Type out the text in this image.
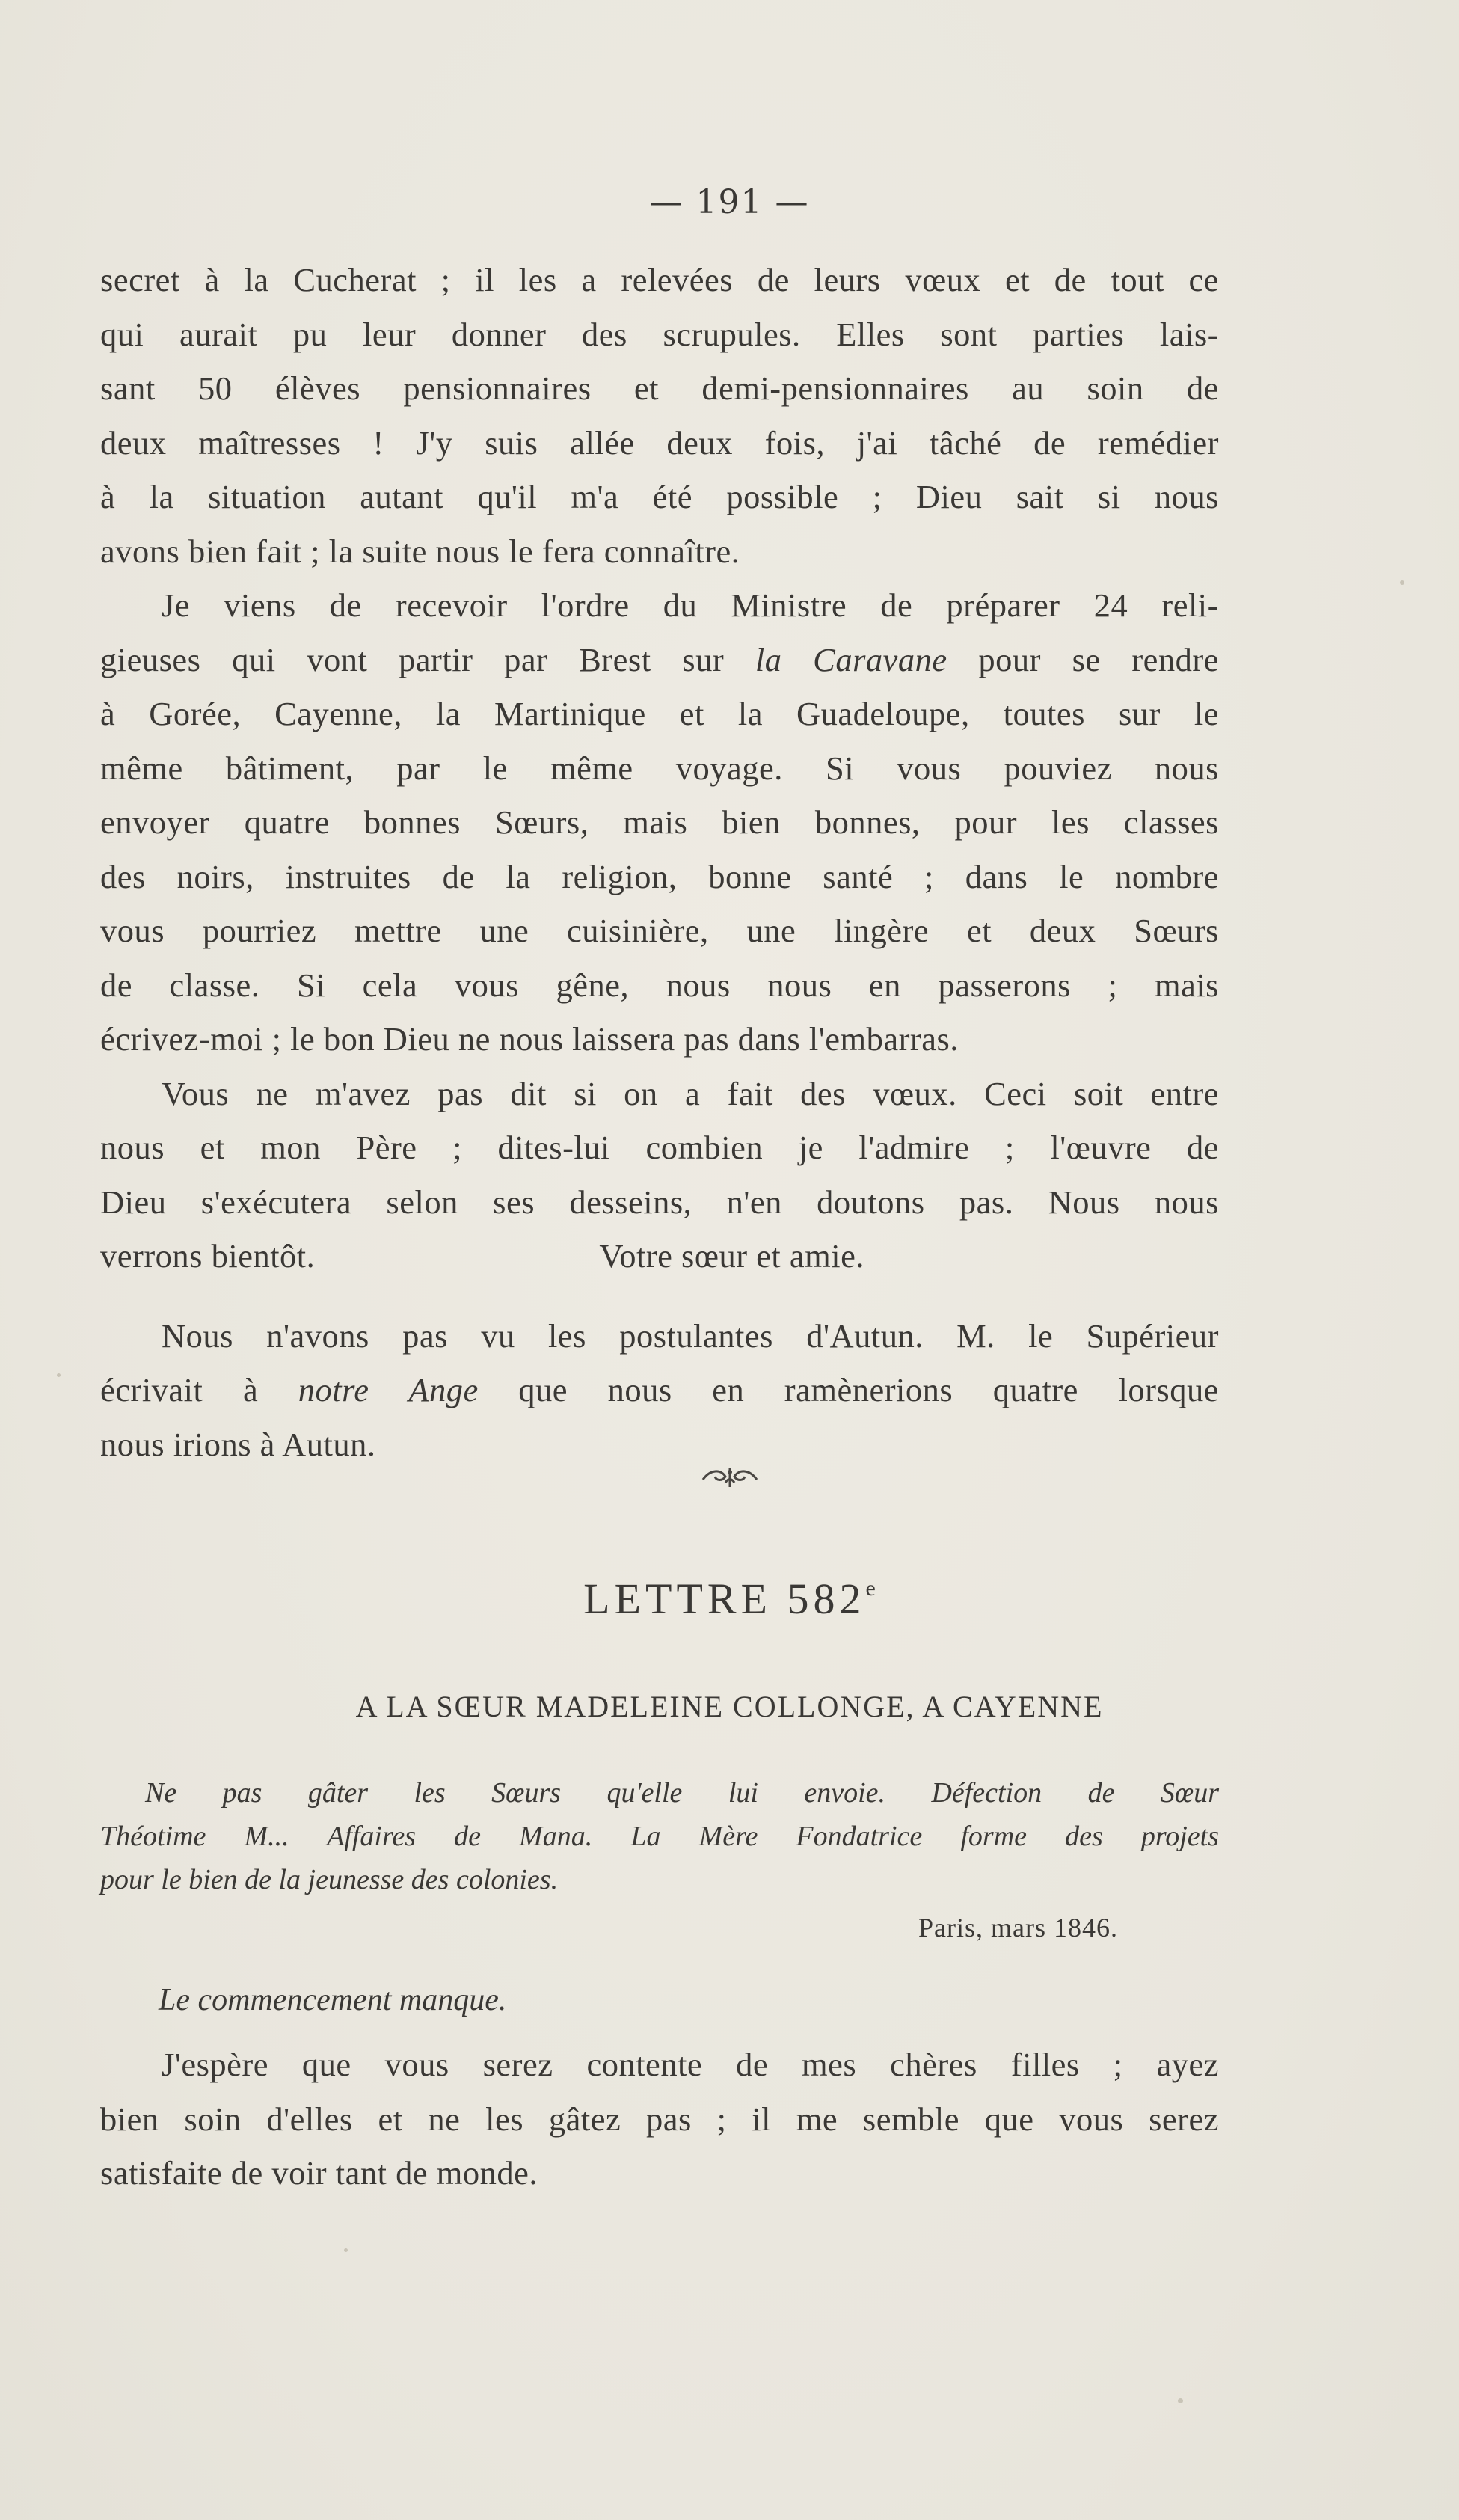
— 191 —
secret à la Cucherat ; il les a relevées de leurs vœux et de tout ce
qui aurait pu leur donner des scrupules. Elles sont parties lais-
sant 50 élèves pensionnaires et demi-pensionnaires au soin de
deux maîtresses ! J'y suis allée deux fois, j'ai tâché de remédier
à la situation autant qu'il m'a été possible ; Dieu sait si nous
avons bien fait ; la suite nous le fera connaître.
Je viens de recevoir l'ordre du Ministre de préparer 24 reli-
gieuses qui vont partir par Brest sur la Caravane pour se rendre
à Gorée, Cayenne, la Martinique et la Guadeloupe, toutes sur le
même bâtiment, par le même voyage. Si vous pouviez nous
envoyer quatre bonnes Sœurs, mais bien bonnes, pour les classes
des noirs, instruites de la religion, bonne santé ; dans le nombre
vous pourriez mettre une cuisinière, une lingère et deux Sœurs
de classe. Si cela vous gêne, nous nous en passerons ; mais
écrivez-moi ; le bon Dieu ne nous laissera pas dans l'embarras.
Vous ne m'avez pas dit si on a fait des vœux. Ceci soit entre
nous et mon Père ; dites-lui combien je l'admire ; l'œuvre de
Dieu s'exécutera selon ses desseins, n'en doutons pas. Nous nous
verrons bientôt.	Votre sœur et amie.
Nous n'avons pas vu les postulantes d'Autun. M. le Supérieur
écrivait à notre Ange que nous en ramènerions quatre lorsque
nous irions à Autun.
LETTRE 582e
A LA SŒUR MADELEINE COLLONGE, A CAYENNE
Ne pas gâter les Sœurs qu'elle lui envoie. Défection de Sœur
Théotime M... Affaires de Mana. La Mère Fondatrice forme des projets
pour le bien de la jeunesse des colonies.
Paris, mars 1846.
Le commencement manque.
J'espère que vous serez contente de mes chères filles ; ayez
bien soin d'elles et ne les gâtez pas ; il me semble que vous serez
satisfaite de voir tant de monde.
